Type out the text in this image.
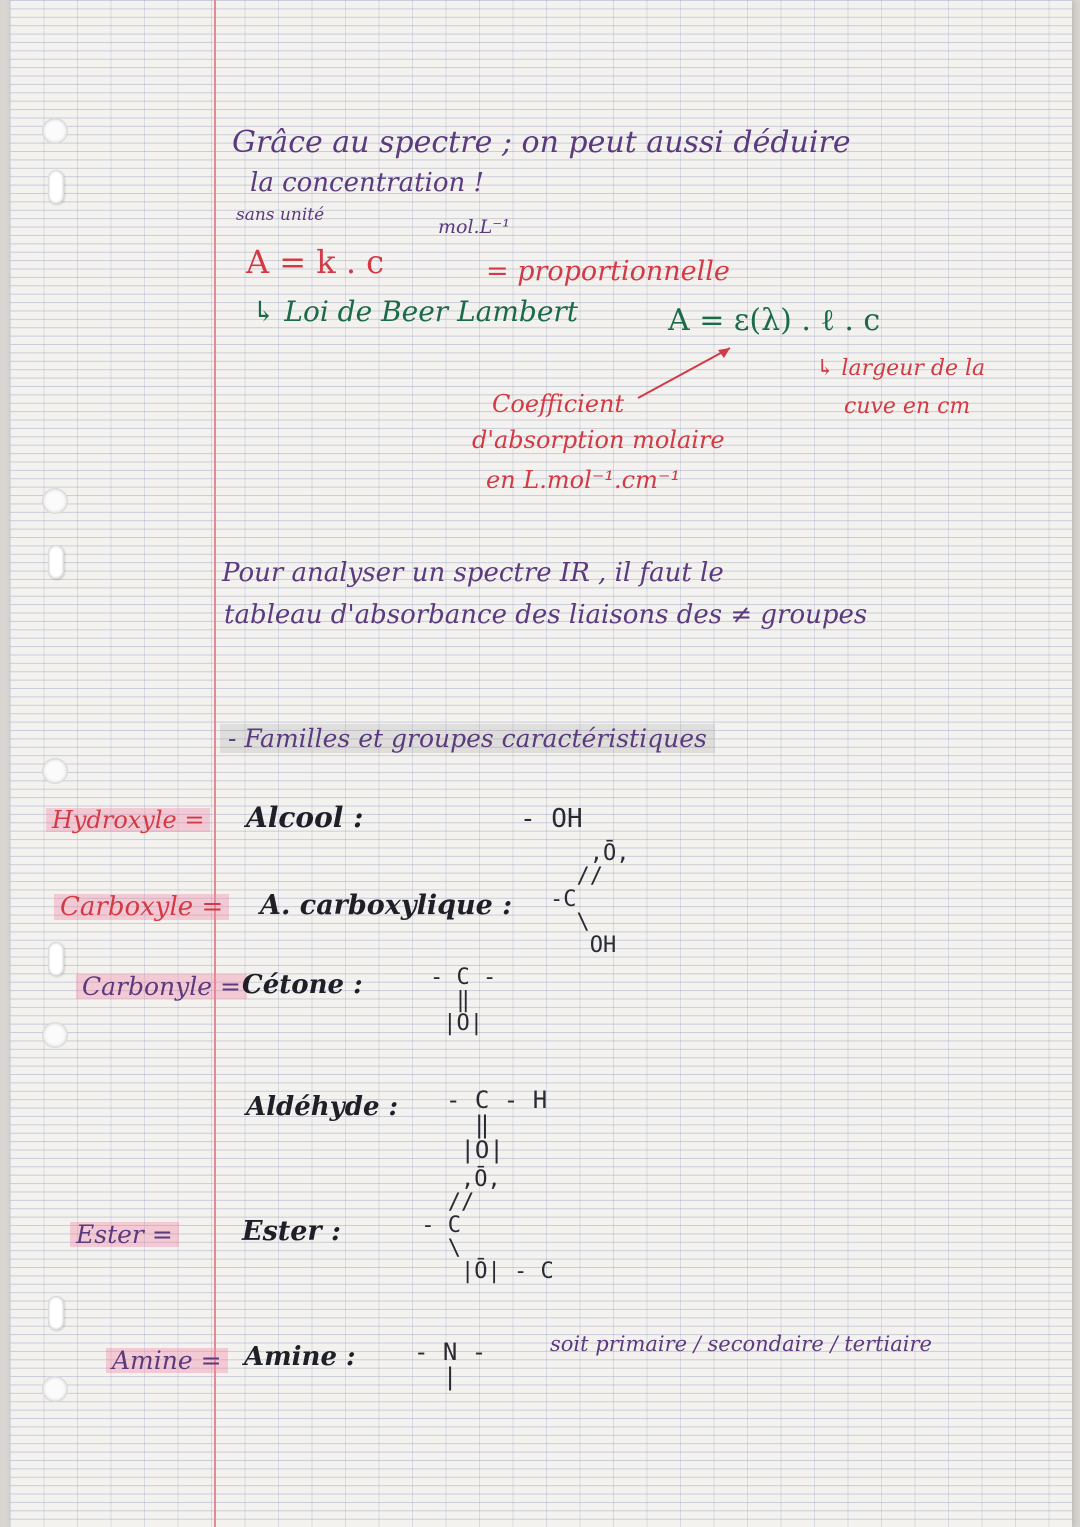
Grâce au spectre ; on peut aussi déduire
la concentration !
sans unité
mol.L⁻¹
A = k . c	= proportionnelle
↳ Loi de Beer Lambert	A = ε(λ) . ℓ . c
↳ largeur de la
cuve en cm
Coefficient
d'absorption molaire
en L.mol⁻¹.cm⁻¹
Pour analyser un spectre IR , il faut le
tableau d'absorbance des liaisons des ≠ groupes
- Familles et groupes caractéristiques
Hydroxyle = Alcool :	- OH
Carboxyle = A. carboxylique :
,Ō,
//
-C
\
OH
Carbonyle = Cétone :	- C -
‖
|O|
Aldéhyde : - C - H
‖
|O|
Ester =	Ester :
,Ō,
//
- C
\
|Ō| - C
Amine = Amine : - N -
|
soit primaire / secondaire / tertiaire
